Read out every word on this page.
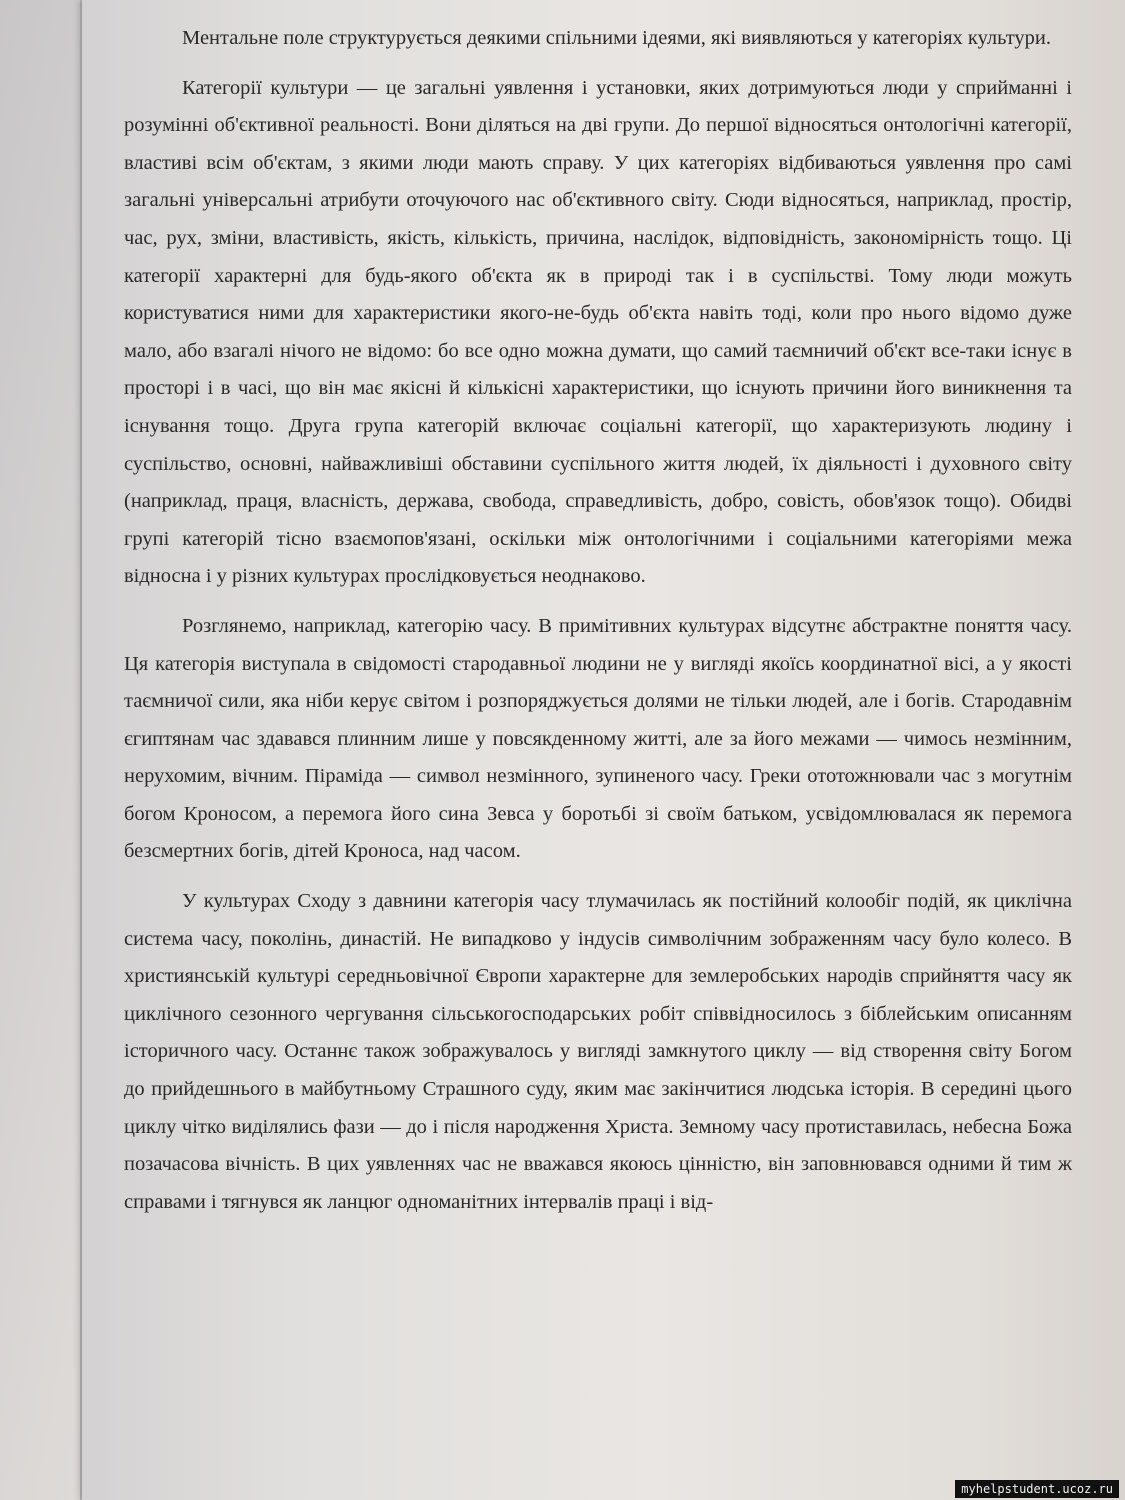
Ментальне поле структурується деякими спільними ідеями, які виявляються у категоріях культури.

Категорії культури — це загальні уявлення і установки, яких дотримуються люди у сприйманні і розумінні об'єктивної реальності. Вони діляться на дві групи. До першої відносяться онтологічні категорії, властиві всім об'єктам, з якими люди мають справу. У цих категоріях відбиваються уявлення про самі загальні універсальні атрибути оточуючого нас об'єктивного світу. Сюди відносяться, наприклад, простір, час, рух, зміни, властивість, якість, кількість, причина, наслідок, відповідність, закономірність тощо. Ці категорії характерні для будь-якого об'єкта як в природі так і в суспільстві. Тому люди можуть користуватися ними для характеристики якого-не-будь об'єкта навіть тоді, коли про нього відомо дуже мало, або взагалі нічого не відомо: бо все одно можна думати, що самий таємничий об'єкт все-таки існує в просторі і в часі, що він має якісні й кількісні характеристики, що існують причини його виникнення та існування тощо. Друга група категорій включає соціальні категорії, що характеризують людину і суспільство, основні, найважливіші обставини суспільного життя людей, їх діяльності і духовного світу (наприклад, праця, власність, держава, свобода, справедливість, добро, совість, обов'язок тощо). Обидві групі категорій тісно взаємопов'язані, оскільки між онтологічними і соціальними категоріями межа відносна і у різних культурах прослідковується неоднаково.

Розглянемо, наприклад, категорію часу. В примітивних культурах відсутнє абстрактне поняття часу. Ця категорія виступала в свідомості стародавньої людини не у вигляді якоїсь координатної вісі, а у якості таємничої сили, яка ніби керує світом і розпоряджується долями не тільки людей, але і богів. Стародавнім єгиптянам час здавався плинним лише у повсякденному житті, але за його межами — чимось незмінним, нерухомим, вічним. Піраміда — символ незмінного, зупиненого часу. Греки ототожнювали час з могутнім богом Кроносом, а перемога його сина Зевса у боротьбі зі своїм батьком, усвідомлювалася як перемога безсмертних богів, дітей Кроноса, над часом.

У культурах Сходу з давнини категорія часу тлумачилась як постійний колообіг подій, як циклічна система часу, поколінь, династій. Не випадково у індусів символічним зображенням часу було колесо. В християнській культурі середньовічної Європи характерне для землеробських народів сприйняття часу як циклічного сезонного чергування сільськогосподарських робіт співвідносилось з біблейським описанням історичного часу. Останнє також зображувалось у вигляді замкнутого циклу — від створення світу Богом до прийдешнього в майбутньому Страшного суду, яким має закінчитися людська історія. В середині цього циклу чітко виділялись фази — до і після народження Христа. Земному часу протиставилась, небесна Божа позачасова вічність. В цих уявленнях час не вважався якоюсь цінністю, він заповнювався одними й тим ж справами і тягнувся як ланцюг одноманітних інтервалів праці і від-

myhelpstudent.ucoz.ru
